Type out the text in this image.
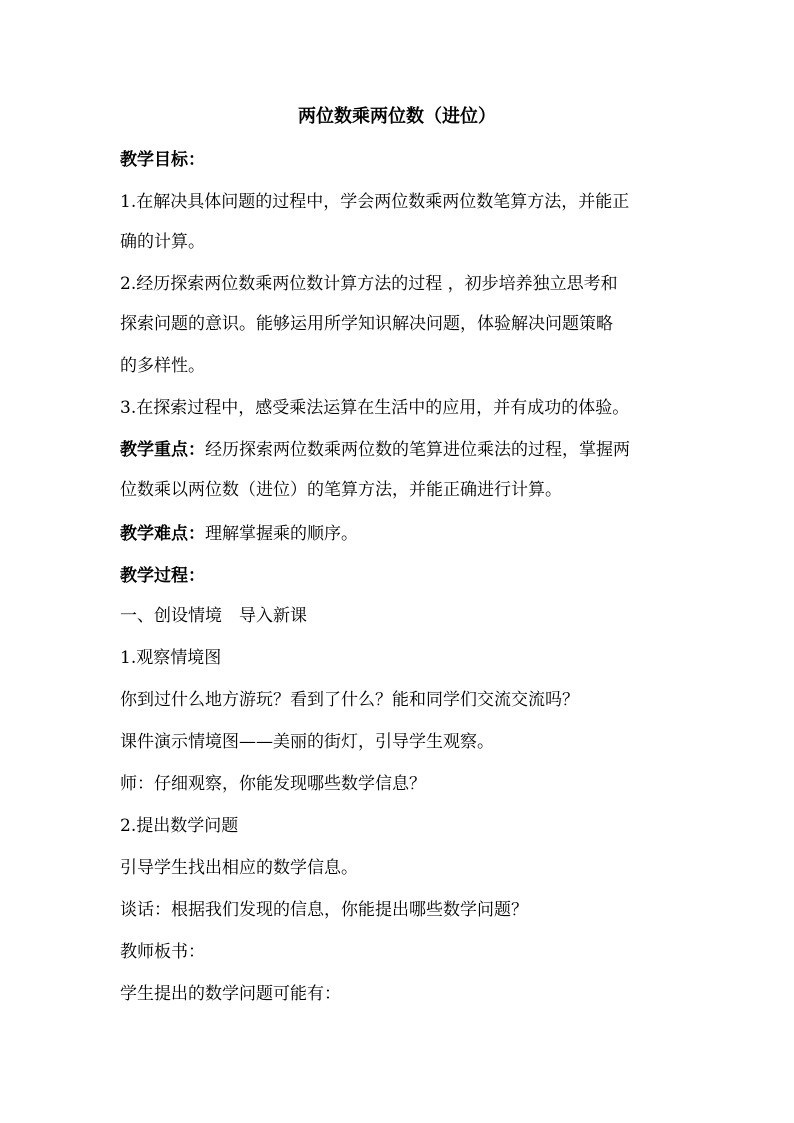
两位数乘两位数（进位）
教学目标：
1.在解决具体问题的过程中，学会两位数乘两位数笔算方法，并能正
确的计算。
2.经历探索两位数乘两位数计算方法的过程 ，初步培养独立思考和
探索问题的意识。能够运用所学知识解决问题，体验解决问题策略
的多样性。
3.在探索过程中，感受乘法运算在生活中的应用，并有成功的体验。
教学重点：经历探索两位数乘两位数的笔算进位乘法的过程，掌握两
位数乘以两位数（进位）的笔算方法，并能正确进行计算。
教学难点：理解掌握乘的顺序。
教学过程：
一、创设情境　导入新课
1.观察情境图
你到过什么地方游玩？看到了什么？能和同学们交流交流吗？
课件演示情境图——美丽的街灯，引导学生观察。
师：仔细观察，你能发现哪些数学信息？
2.提出数学问题
引导学生找出相应的数学信息。
谈话：根据我们发现的信息，你能提出哪些数学问题？
教师板书：
学生提出的数学问题可能有：
